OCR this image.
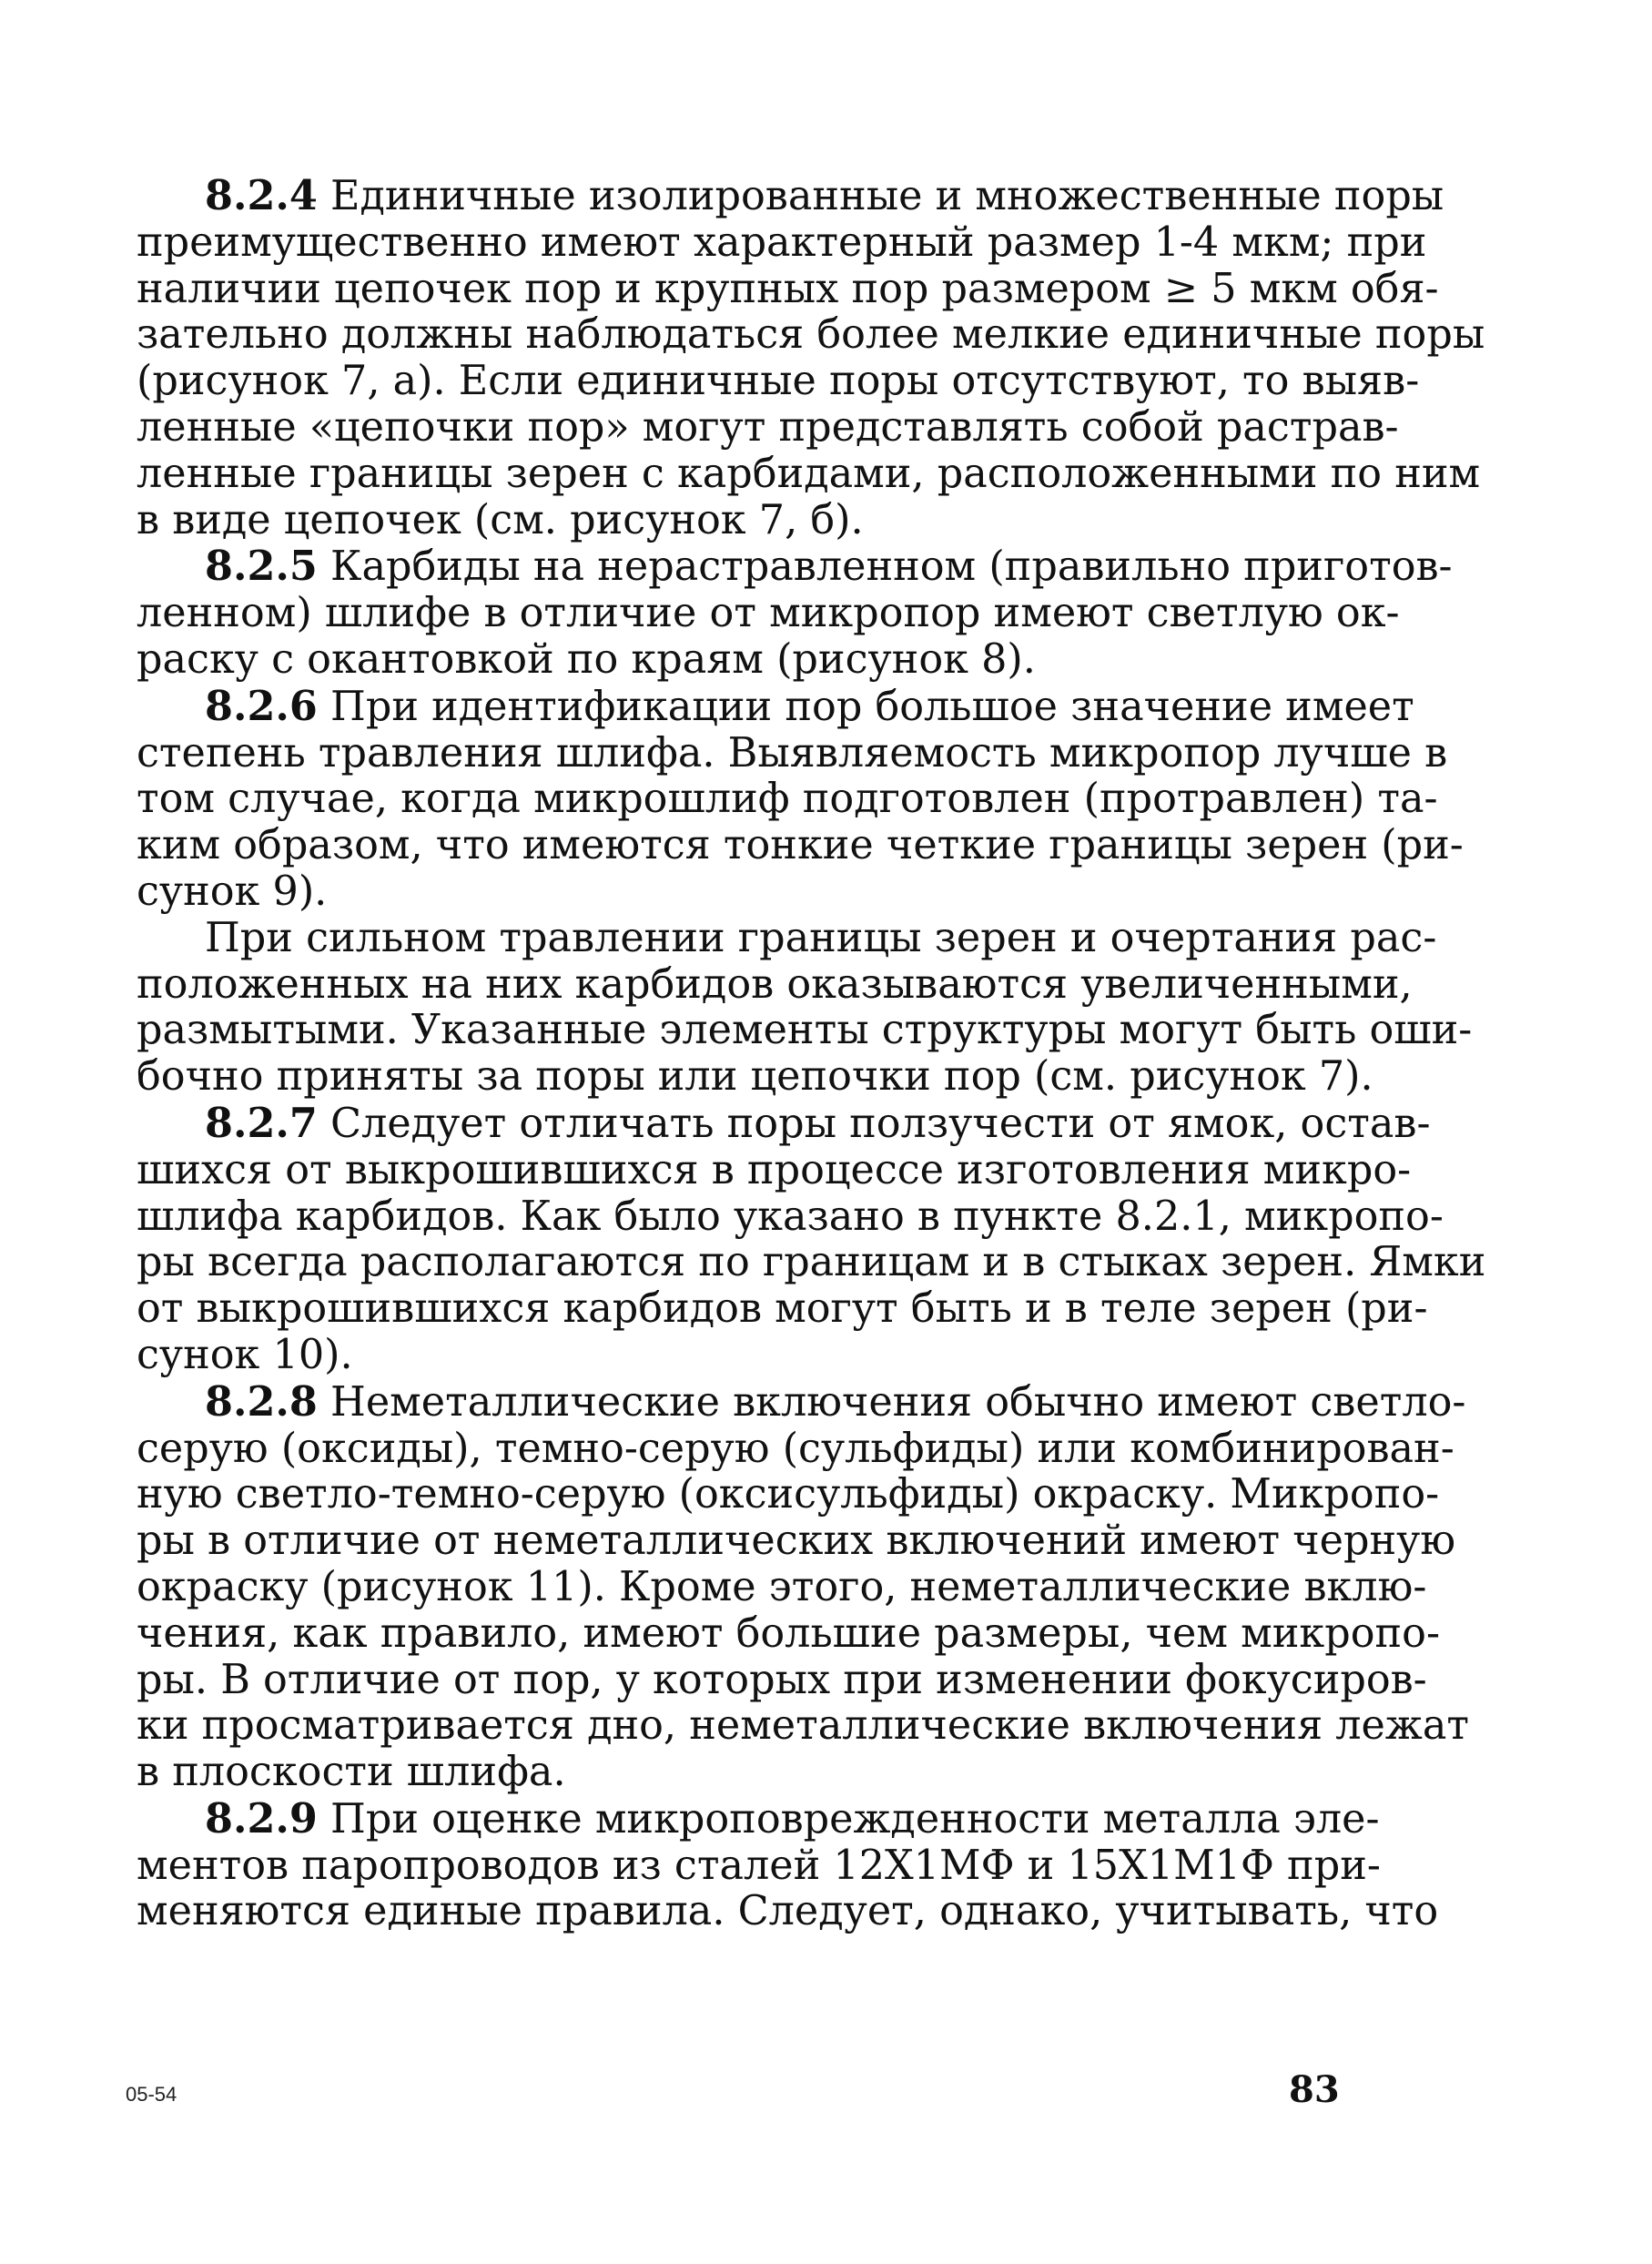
8.2.4 Единичные изолированные и множественные поры
преимущественно имеют характерный размер 1-4 мкм; при
наличии цепочек пор и крупных пор размером ≥ 5 мкм обя-
зательно должны наблюдаться более мелкие единичные поры
(рисунок 7, а). Если единичные поры отсутствуют, то выяв-
ленные «цепочки пор» могут представлять собой растрав-
ленные границы зерен с карбидами, расположенными по ним
в виде цепочек (см. рисунок 7, б).
8.2.5 Карбиды на нерастравленном (правильно приготов-
ленном) шлифе в отличие от микропор имеют светлую ок-
раску с окантовкой по краям (рисунок 8).
8.2.6 При идентификации пор большое значение имеет
степень травления шлифа. Выявляемость микропор лучше в
том случае, когда микрошлиф подготовлен (протравлен) та-
ким образом, что имеются тонкие четкие границы зерен (ри-
сунок 9).
При сильном травлении границы зерен и очертания рас-
положенных на них карбидов оказываются увеличенными,
размытыми. Указанные элементы структуры могут быть оши-
бочно приняты за поры или цепочки пор (см. рисунок 7).
8.2.7 Следует отличать поры ползучести от ямок, остав-
шихся от выкрошившихся в процессе изготовления микро-
шлифа карбидов. Как было указано в пункте 8.2.1, микропо-
ры всегда располагаются по границам и в стыках зерен. Ямки
от выкрошившихся карбидов могут быть и в теле зерен (ри-
сунок 10).
8.2.8 Неметаллические включения обычно имеют светло-
серую (оксиды), темно-серую (сульфиды) или комбинирован-
ную светло-темно-серую (оксисульфиды) окраску. Микропо-
ры в отличие от неметаллических включений имеют черную
окраску (рисунок 11). Кроме этого, неметаллические вклю-
чения, как правило, имеют большие размеры, чем микропо-
ры. В отличие от пор, у которых при изменении фокусиров-
ки просматривается дно, неметаллические включения лежат
в плоскости шлифа.
8.2.9 При оценке микроповрежденности металла эле-
ментов паропроводов из сталей 12Х1МФ и 15Х1М1Ф при-
меняются единые правила. Следует, однако, учитывать, что
05-54	83
